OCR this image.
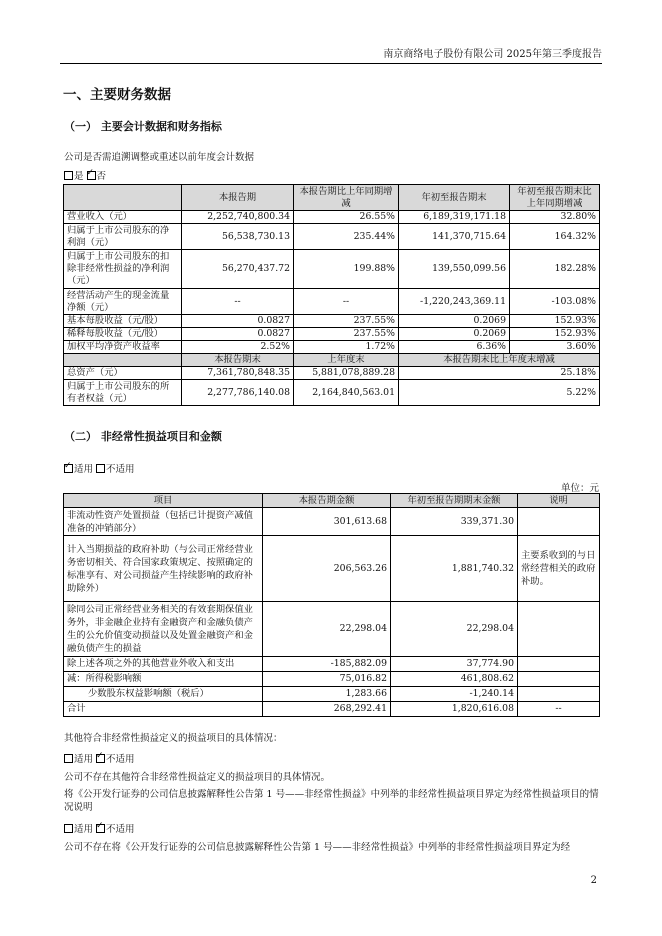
南京商络电子股份有限公司 2025年第三季度报告
一、主要财务数据
（一） 主要会计数据和财务指标
公司是否需追溯调整或重述以前年度会计数据
是 ✓ 否
	本报告期	本报告期比上年同期增减	年初至报告期末	年初至报告期末比上年同期增减
营业收入（元）	2,252,740,800.34	26.55%	6,189,319,171.18	32.80%
归属于上市公司股东的净利润（元）	56,538,730.13	235.44%	141,370,715.64	164.32%
归属于上市公司股东的扣除非经常性损益的净利润（元）	56,270,437.72	199.88%	139,550,099.56	182.28%
经营活动产生的现金流量净额（元）	--	--	-1,220,243,369.11	-103.08%
基本每股收益（元/股）	0.0827	237.55%	0.2069	152.93%
稀释每股收益（元/股）	0.0827	237.55%	0.2069	152.93%
加权平均净资产收益率	2.52%	1.72%	6.36%	3.60%
	本报告期末	上年度末	本报告期末比上年度末增减	
总资产（元）	7,361,780,848.35	5,881,078,889.28	25.18%	
归属于上市公司股东的所有者权益（元）	2,277,786,140.08	2,164,840,563.01	5.22%	
（二） 非经常性损益项目和金额
✓适用 不适用
单位：元
项目	本报告期金额	年初至报告期期末金额	说明
非流动性资产处置损益（包括已计提资产减值准备的冲销部分）	301,613.68	339,371.30	
计入当期损益的政府补助（与公司正常经营业务密切相关、符合国家政策规定、按照确定的标准享有、对公司损益产生持续影响的政府补助除外）	206,563.26	1,881,740.32	主要系收到的与日常经营相关的政府补助。
除同公司正常经营业务相关的有效套期保值业务外，非金融企业持有金融资产和金融负债产生的公允价值变动损益以及处置金融资产和金融负债产生的损益	22,298.04	22,298.04	
除上述各项之外的其他营业外收入和支出	-185,882.09	37,774.90	
减：所得税影响额	75,016.82	461,808.62	
少数股东权益影响额（税后）	1,283.66	-1,240.14	
合计	268,292.41	1,820,616.08	--
其他符合非经常性损益定义的损益项目的具体情况：
适用 ✓ 不适用
公司不存在其他符合非经常性损益定义的损益项目的具体情况。
将《公开发行证券的公司信息披露解释性公告第 1 号——非经常性损益》中列举的非经常性损益项目界定为经常性损益项目的情况说明
适用 ✓ 不适用
公司不存在将《公开发行证券的公司信息披露解释性公告第 1 号——非经常性损益》中列举的非经常性损益项目界定为经
2
